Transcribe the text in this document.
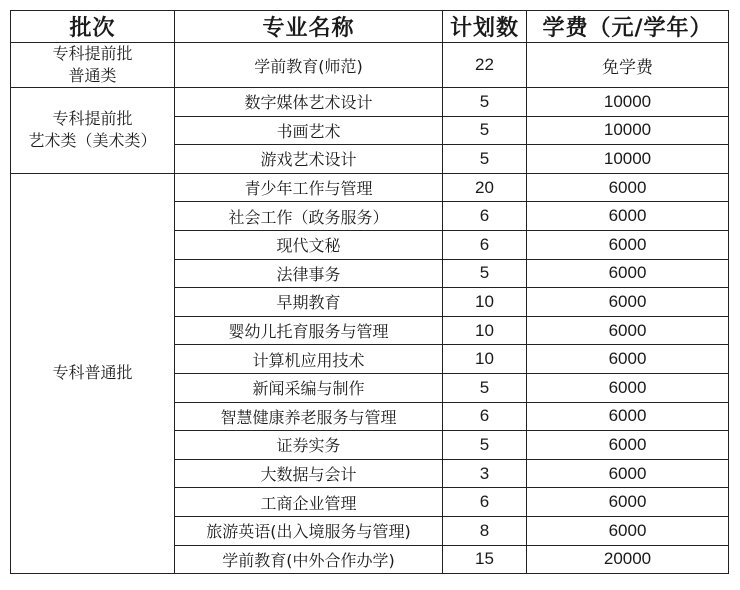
批次	专业名称	计划数	学费（元/学年）

专科提前批
普通类	学前教育(师范)	22	免学费

专科提前批
艺术类（美术类）	数字媒体艺术设计	5	10000
	书画艺术	5	10000
	游戏艺术设计	5	10000

专科普通批	青少年工作与管理	20	6000
	社会工作（政务服务）	6	6000
	现代文秘	6	6000
	法律事务	5	6000
	早期教育	10	6000
	婴幼儿托育服务与管理	10	6000
	计算机应用技术	10	6000
	新闻采编与制作	5	6000
	智慧健康养老服务与管理	6	6000
	证券实务	5	6000
	大数据与会计	3	6000
	工商企业管理	6	6000
	旅游英语(出入境服务与管理)	8	6000
	学前教育(中外合作办学)	15	20000
